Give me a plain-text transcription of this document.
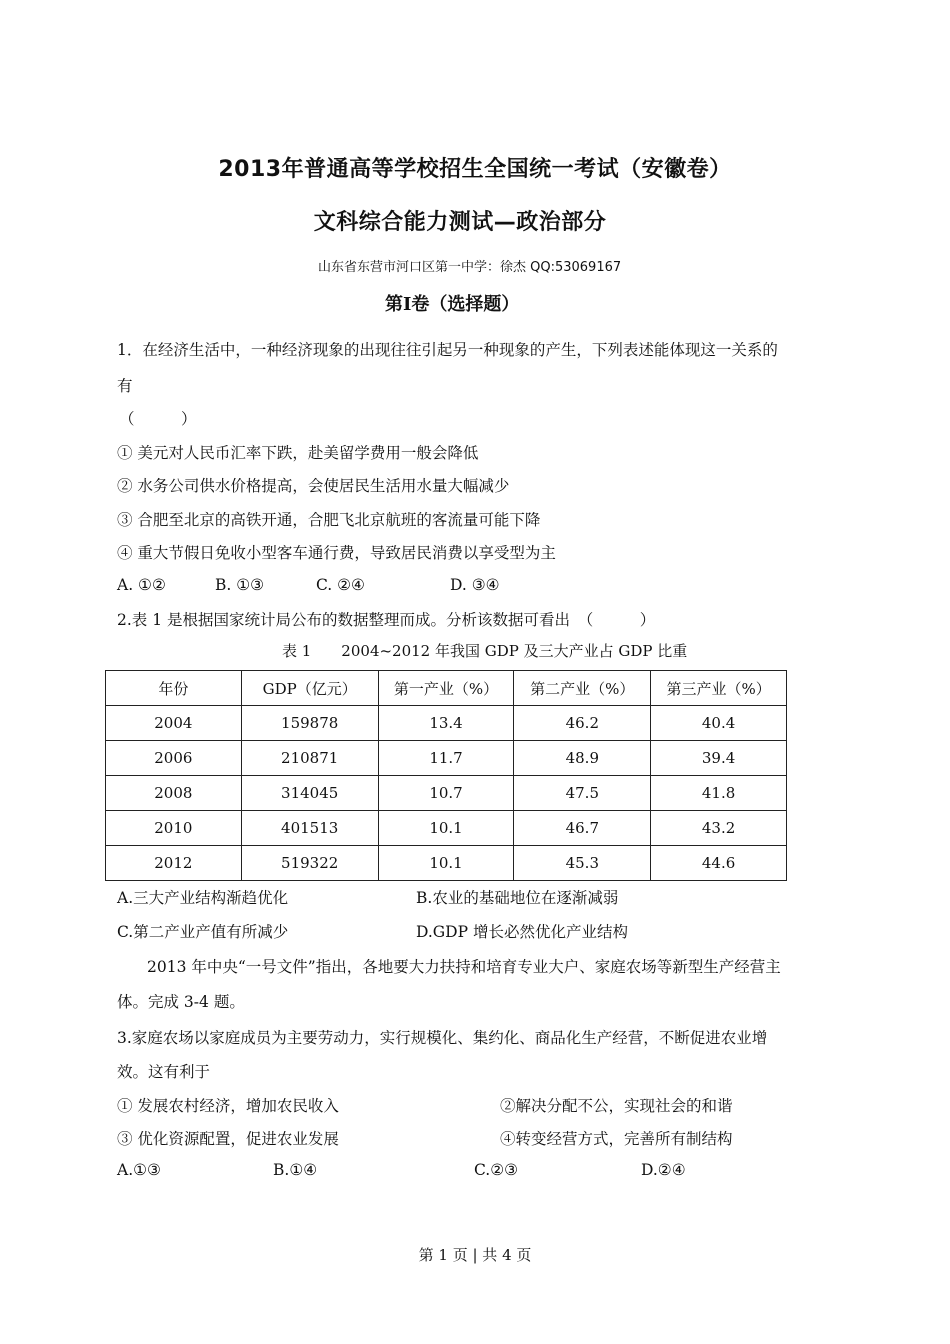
2013年普通高等学校招生全国统一考试（安徽卷）
文科综合能力测试—政治部分
山东省东营市河口区第一中学：徐杰 QQ:53069167
第Ⅰ卷（选择题）
1．在经济生活中，一种经济现象的出现往往引起另一种现象的产生，下列表述能体现这一关系的
有
（　　　）
① 美元对人民币汇率下跌，赴美留学费用一般会降低
② 水务公司供水价格提高，会使居民生活用水量大幅减少
③ 合肥至北京的高铁开通，合肥飞北京航班的客流量可能下降
④ 重大节假日免收小型客车通行费，导致居民消费以享受型为主
A. ①②	B. ①③	C. ②④	D. ③④
2.表 1 是根据国家统计局公布的数据整理而成。分析该数据可看出　（　　　）
表 1　　2004~2012 年我国 GDP 及三大产业占 GDP 比重
年份	GDP（亿元）	第一产业（%）	第二产业（%）	第三产业（%）
2004	159878	13.4	46.2	40.4
2006	210871	11.7	48.9	39.4
2008	314045	10.7	47.5	41.8
2010	401513	10.1	46.7	43.2
2012	519322	10.1	45.3	44.6
A.三大产业结构渐趋优化	B.农业的基础地位在逐渐减弱
C.第二产业产值有所减少	D.GDP 增长必然优化产业结构
2013 年中央“一号文件”指出，各地要大力扶持和培育专业大户、家庭农场等新型生产经营主
体。完成 3-4 题。
3.家庭农场以家庭成员为主要劳动力，实行规模化、集约化、商品化生产经营，不断促进农业增
效。这有利于
① 发展农村经济，增加农民收入	②解决分配不公，实现社会的和谐
③ 优化资源配置，促进农业发展	④转变经营方式，完善所有制结构
A.①③	B.①④	C.②③	D.②④
第 1 页 | 共 4 页
